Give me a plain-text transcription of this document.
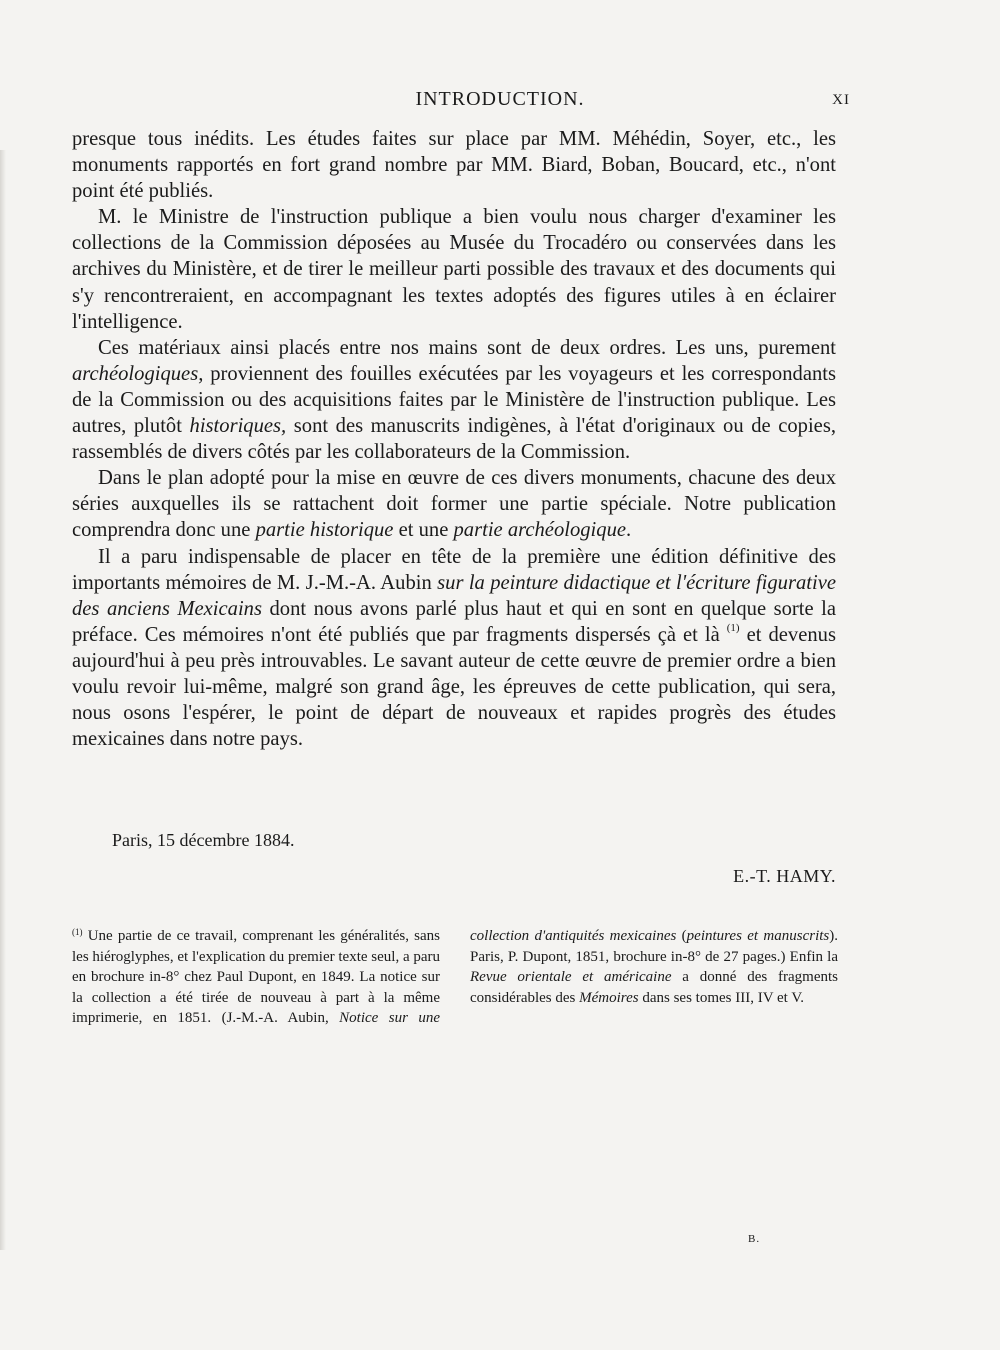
INTRODUCTION.	XI

presque tous inédits. Les études faites sur place par MM. Méhédin, Soyer, etc., les monuments rapportés en fort grand nombre par MM. Biard, Boban, Boucard, etc., n'ont point été publiés.

M. le Ministre de l'instruction publique a bien voulu nous charger d'examiner les collections de la Commission déposées au Musée du Trocadéro ou conservées dans les archives du Ministère, et de tirer le meilleur parti possible des travaux et des documents qui s'y rencontreraient, en accompagnant les textes adoptés des figures utiles à en éclairer l'intelligence.

Ces matériaux ainsi placés entre nos mains sont de deux ordres. Les uns, purement archéologiques, proviennent des fouilles exécutées par les voyageurs et les correspondants de la Commission ou des acquisitions faites par le Ministère de l'instruction publique. Les autres, plutôt historiques, sont des manuscrits indigènes, à l'état d'originaux ou de copies, rassemblés de divers côtés par les collaborateurs de la Commission.

Dans le plan adopté pour la mise en œuvre de ces divers monuments, chacune des deux séries auxquelles ils se rattachent doit former une partie spéciale. Notre publication comprendra donc une partie historique et une partie archéologique.

Il a paru indispensable de placer en tête de la première une édition définitive des importants mémoires de M. J.-M.-A. Aubin sur la peinture didactique et l'écriture figurative des anciens Mexicains dont nous avons parlé plus haut et qui en sont en quelque sorte la préface. Ces mémoires n'ont été publiés que par fragments dispersés çà et là $^{(1)}$ et devenus aujourd'hui à peu près introuvables. Le savant auteur de cette œuvre de premier ordre a bien voulu revoir lui-même, malgré son grand âge, les épreuves de cette publication, qui sera, nous osons l'espérer, le point de départ de nouveaux et rapides progrès des études mexicaines dans notre pays.

Paris, 15 décembre 1884.
E.-T. HAMY.

$^{(1)}$ Une partie de ce travail, comprenant les généralités, sans les hiéroglyphes, et l'explication du premier texte seul, a paru en brochure in-8° chez Paul Dupont, en 1849. La notice sur la collection a été tirée de nouveau à part à la même imprimerie, en 1851. (J.-M.-A. Aubin, Notice sur une collection d'antiquités mexicaines (peintures et manuscrits). Paris, P. Dupont, 1851, brochure in-8° de 27 pages.) Enfin la Revue orientale et américaine a donné des fragments considérables des Mémoires dans ses tomes III, IV et V.

B.
